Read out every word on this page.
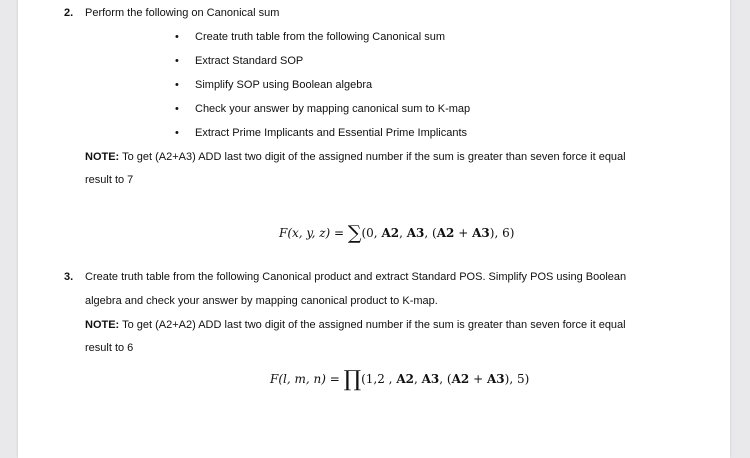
2. Perform the following on Canonical sum
• Create truth table from the following Canonical sum
• Extract Standard SOP
• Simplify SOP using Boolean algebra
• Check your answer by mapping canonical sum to K-map
• Extract Prime Implicants and Essential Prime Implicants
NOTE: To get (A2+A3) ADD last two digit of the assigned number if the sum is greater than seven force it equal
result to 7
F(x, y, z) = ∑(0, A2, A3, (A2 + A3), 6)
3. Create truth table from the following Canonical product and extract Standard POS. Simplify POS using Boolean
algebra and check your answer by mapping canonical product to K-map.
NOTE: To get (A2+A2) ADD last two digit of the assigned number if the sum is greater than seven force it equal
result to 6
F(l, m, n) = ∏(1,2 , A2, A3, (A2 + A3), 5)
